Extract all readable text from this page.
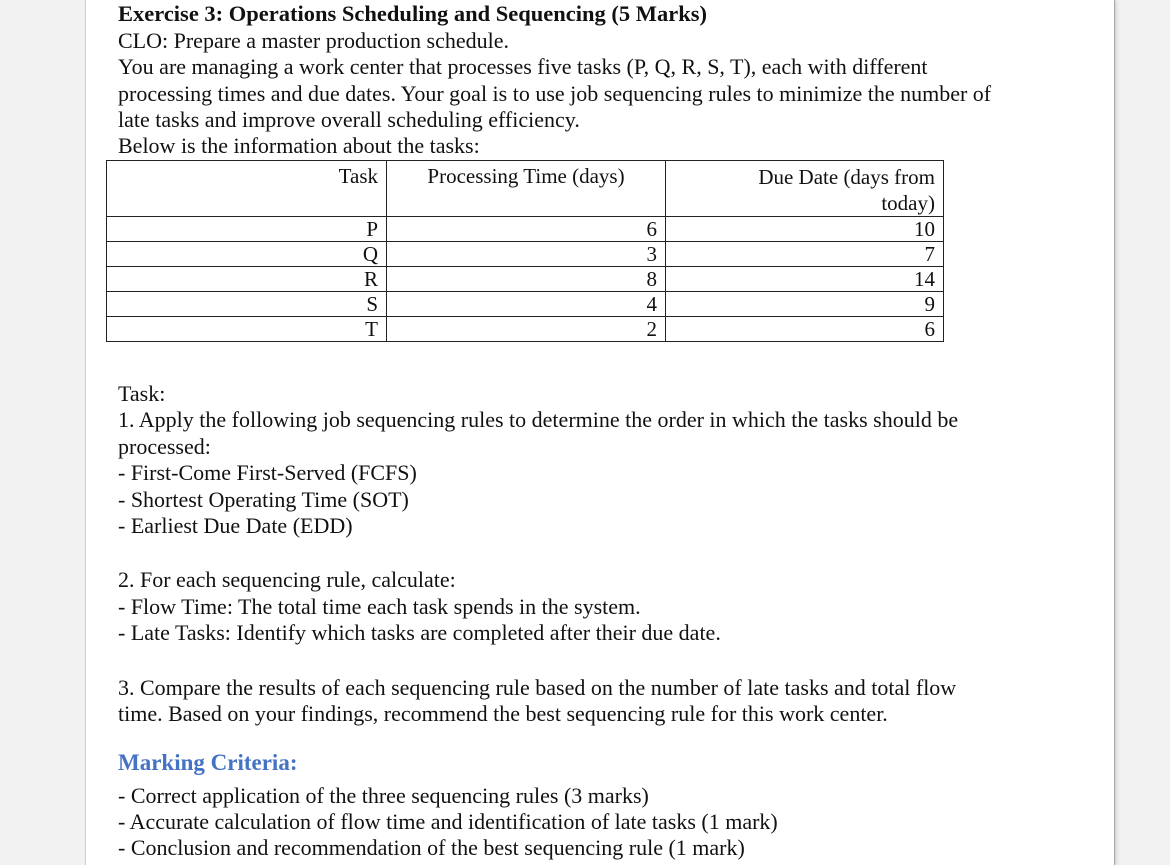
Exercise 3: Operations Scheduling and Sequencing (5 Marks)
CLO: Prepare a master production schedule.
You are managing a work center that processes five tasks (P, Q, R, S, T), each with different
processing times and due dates. Your goal is to use job sequencing rules to minimize the number of
late tasks and improve overall scheduling efficiency.
Below is the information about the tasks:
Task	Processing Time (days)	Due Date (days from
today)
P	6	10
Q	3	7
R	8	14
S	4	9
T	2	6
Task:
1. Apply the following job sequencing rules to determine the order in which the tasks should be
processed:
- First-Come First-Served (FCFS)
- Shortest Operating Time (SOT)
- Earliest Due Date (EDD)
2. For each sequencing rule, calculate:
- Flow Time: The total time each task spends in the system.
- Late Tasks: Identify which tasks are completed after their due date.
3. Compare the results of each sequencing rule based on the number of late tasks and total flow
time. Based on your findings, recommend the best sequencing rule for this work center.
Marking Criteria:
- Correct application of the three sequencing rules (3 marks)
- Accurate calculation of flow time and identification of late tasks (1 mark)
- Conclusion and recommendation of the best sequencing rule (1 mark)
